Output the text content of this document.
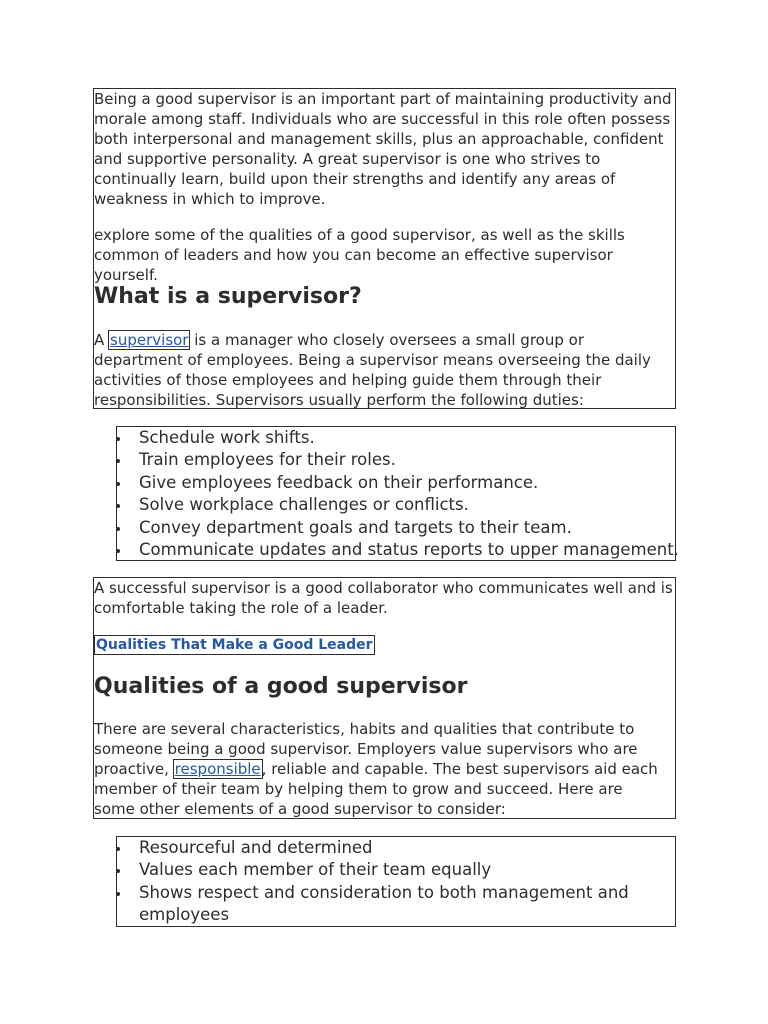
Being a good supervisor is an important part of maintaining productivity and morale among staff. Individuals who are successful in this role often possess both interpersonal and management skills, plus an approachable, confident and supportive personality. A great supervisor is one who strives to continually learn, build upon their strengths and identify any areas of weakness in which to improve.

explore some of the qualities of a good supervisor, as well as the skills common of leaders and how you can become an effective supervisor yourself.

What is a supervisor?

A supervisor is a manager who closely oversees a small group or department of employees. Being a supervisor means overseeing the daily activities of those employees and helping guide them through their responsibilities. Supervisors usually perform the following duties:

Schedule work shifts.
Train employees for their roles.
Give employees feedback on their performance.
Solve workplace challenges or conflicts.
Convey department goals and targets to their team.
Communicate updates and status reports to upper management.

A successful supervisor is a good collaborator who communicates well and is comfortable taking the role of a leader.

Qualities That Make a Good Leader
Qualities of a good supervisor

There are several characteristics, habits and qualities that contribute to someone being a good supervisor. Employers value supervisors who are proactive, responsible, reliable and capable. The best supervisors aid each member of their team by helping them to grow and succeed. Here are some other elements of a good supervisor to consider:

Resourceful and determined
Values each member of their team equally
Shows respect and consideration to both management and employees
